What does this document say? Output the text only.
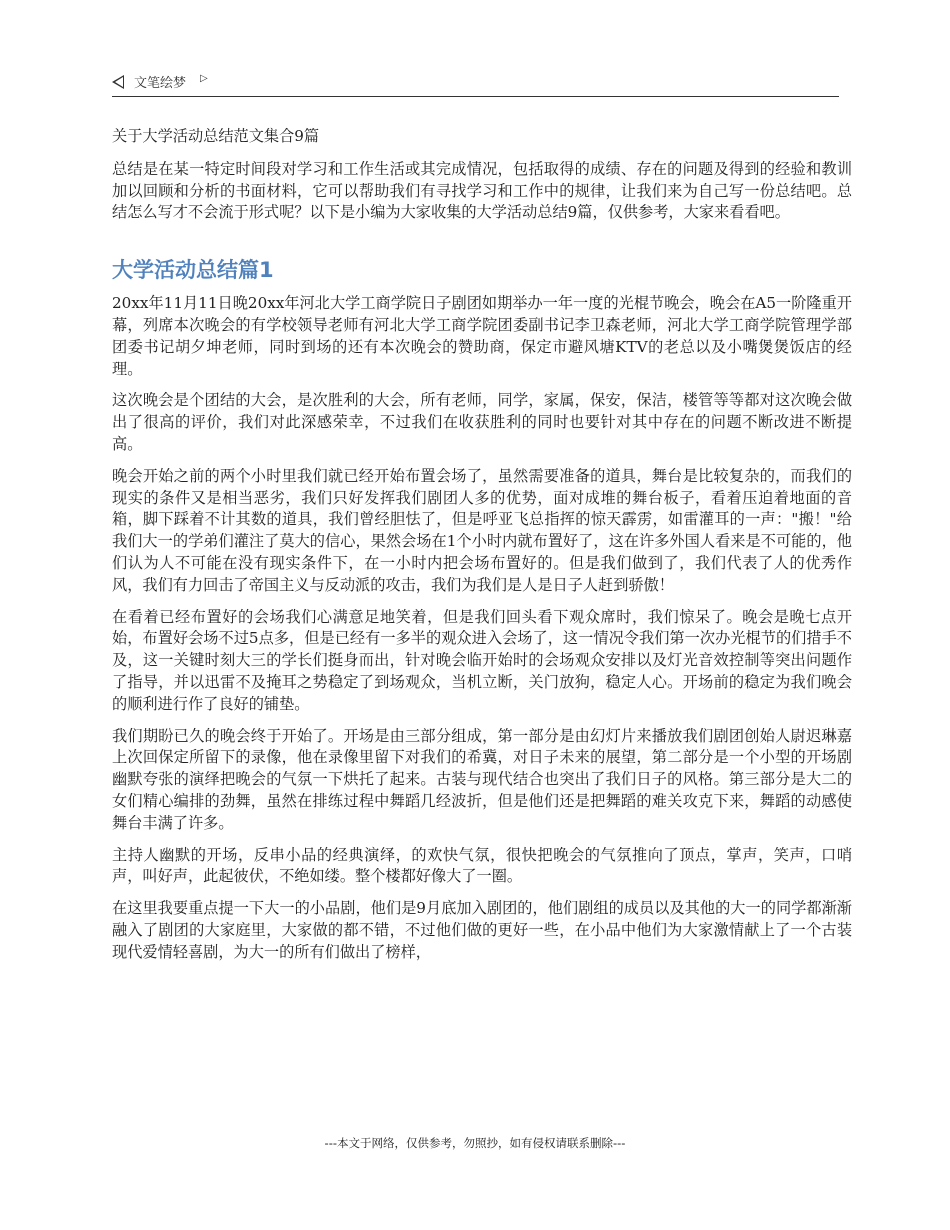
文笔绘梦 ▷
关于大学活动总结范文集合9篇

总结是在某一特定时间段对学习和工作生活或其完成情况，包括取得的成绩、存在的问题及得到的经验和教训加以回顾和分析的书面材料，它可以帮助我们有寻找学习和工作中的规律，让我们来为自己写一份总结吧。总结怎么写才不会流于形式呢？以下是小编为大家收集的大学活动总结9篇，仅供参考，大家来看看吧。

大学活动总结篇1

20xx年11月11日晚20xx年河北大学工商学院日子剧团如期举办一年一度的光棍节晚会，晚会在A5一阶隆重开幕，列席本次晚会的有学校领导老师有河北大学工商学院团委副书记李卫森老师，河北大学工商学院管理学部团委书记胡夕坤老师，同时到场的还有本次晚会的赞助商，保定市避风塘KTV的老总以及小嘴煲煲饭店的经理。

这次晚会是个团结的大会，是次胜利的大会，所有老师，同学，家属，保安，保洁，楼管等等都对这次晚会做出了很高的评价，我们对此深感荣幸，不过我们在收获胜利的同时也要针对其中存在的问题不断改进不断提高。

晚会开始之前的两个小时里我们就已经开始布置会场了，虽然需要准备的道具，舞台是比较复杂的，而我们的现实的条件又是相当恶劣，我们只好发挥我们剧团人多的优势，面对成堆的舞台板子，看着压迫着地面的音箱，脚下踩着不计其数的道具，我们曾经胆怯了，但是呼亚飞总指挥的惊天霹雳，如雷灌耳的一声："搬！"给我们大一的学弟们灌注了莫大的信心，果然会场在1个小时内就布置好了，这在许多外国人看来是不可能的，他们认为人不可能在没有现实条件下，在一小时内把会场布置好的。但是我们做到了，我们代表了人的优秀作风，我们有力回击了帝国主义与反动派的攻击，我们为我们是人是日子人赶到骄傲！

在看着已经布置好的会场我们心满意足地笑着，但是我们回头看下观众席时，我们惊呆了。晚会是晚七点开始，布置好会场不过5点多，但是已经有一多半的观众进入会场了，这一情况令我们第一次办光棍节的们措手不及，这一关键时刻大三的学长们挺身而出，针对晚会临开始时的会场观众安排以及灯光音效控制等突出问题作了指导，并以迅雷不及掩耳之势稳定了到场观众，当机立断，关门放狗，稳定人心。开场前的稳定为我们晚会的顺利进行作了良好的铺垫。

我们期盼已久的晚会终于开始了。开场是由三部分组成，第一部分是由幻灯片来播放我们剧团创始人尉迟琳嘉上次回保定所留下的录像，他在录像里留下对我们的希冀，对日子未来的展望，第二部分是一个小型的开场剧幽默夸张的演绎把晚会的气氛一下烘托了起来。古装与现代结合也突出了我们日子的风格。第三部分是大二的女们精心编排的劲舞，虽然在排练过程中舞蹈几经波折，但是他们还是把舞蹈的难关攻克下来，舞蹈的动感使舞台丰满了许多。

主持人幽默的开场，反串小品的经典演绎，的欢快气氛，很快把晚会的气氛推向了顶点，掌声，笑声，口哨声，叫好声，此起彼伏，不绝如缕。整个楼都好像大了一圈。

在这里我要重点提一下大一的小品剧，他们是9月底加入剧团的，他们剧组的成员以及其他的大一的同学都渐渐融入了剧团的大家庭里，大家做的都不错，不过他们做的更好一些，在小品中他们为大家激情献上了一个古装现代爱情轻喜剧，为大一的所有们做出了榜样，

---本文于网络，仅供参考，勿照抄，如有侵权请联系删除---
